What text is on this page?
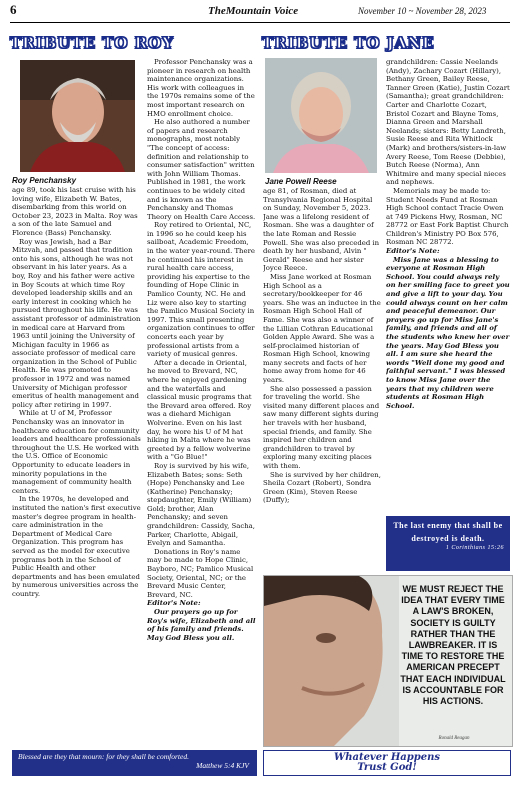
6	TheMountain Voice	November 10 ~ November 28, 2023
TRIBUTE TO ROY
Roy Penchansky

age 89, took his last cruise with his loving wife, Elizabeth W. Bates, disembarking from this world on October 23, 2023 in Malta. Roy was a son of the late Samuel and Florence (Bass) Penchansky.

Roy was Jewish, had a Bar Mitzvah, and passed that tradition onto his sons, although he was not observant in his later years. As a boy, Roy and his father were active in Boy Scouts at which time Roy developed leadership skills and an early interest in cooking which he pursued throughout his life. He was assistant professor of administration in medical care at Harvard from 1963 until joining the University of Michigan faculty in 1966 as associate professor of medical care organization in the School of Public Health. He was promoted to professor in 1972 and was named University of Michigan professor emeritus of health management and policy after retiring in 1997.

While at U of M, Professor Penchansky was an innovator in healthcare education for community leaders and healthcare professionals throughout the U.S. He worked with the U.S. Office of Economic Opportunity to educate leaders in minority populations in the management of community health centers.

In the 1970s, he developed and instituted the nation's first executive master's degree program in health-care administration in the Department of Medical Care Organization. This program has served as the model for executive programs both in the School of Public Health and other departments and has been emulated by numerous universities across the country.

Professor Penchansky was a pioneer in research on health maintenance organizations. His work with colleagues in the 1970s remains some of the most important research on HMO enrollment choice.

He also authored a number of papers and research monographs, most notably "The concept of access: definition and relationship to consumer satisfaction" written with John William Thomas. Published in 1981, the work continues to be widely cited and is known as the Penchansky and Thomas Theory on Health Care Access.

Roy retired to Oriental, NC, in 1996 so he could keep his sailboat, Academic Freedom, in the water year-round. There he continued his interest in rural health care access, providing his expertise to the founding of Hope Clinic in Pamlico County, NC. He and Liz were also key to starting the Pamlico Musical Society in 1997. This small presenting organization continues to offer concerts each year by professional artists from a variety of musical genres.

After a decade in Oriental, he moved to Brevard, NC, where he enjoyed gardening and the waterfalls and classical music programs that the Brevard area offered. Roy was a diehard Michigan Wolverine. Even on his last day, he wore his U of M hat hiking in Malta where he was greeted by a fellow wolverine with a "Go Blue!"

Roy is survived by his wife, Elizabeth Bates; sons: Seth (Hope) Penchansky and Lee (Katherine) Penchansky; stepdaughter, Emily (William) Gold; brother, Alan Penchansky; and seven grandchildren: Cassidy, Sacha, Parker, Charlotte, Abigail, Evelyn and Samantha.

Donations in Roy's name may be made to Hope Clinic, Bayboro, NC; Pamlico Musical Society, Oriental, NC; or the Brevard Music Center, Brevard, NC.

Editor's Note:

Our prayers go up for Roy's wife, Elizabeth and all of his family and friends. May God Bless you all.

TRIBUTE TO JANE
Jane Powell Reese

age 81, of Rosman, died at Transylvania Regional Hospital on Sunday, November 5, 2023. Jane was a lifelong resident of Rosman. She was a daughter of the late Roman and Ressie Powell. She was also preceded in death by her husband, Alvin " Gerald" Reese and her sister Joyce Reece.

Miss Jane worked at Rosman High School as a secretary/bookkeeper for 46 years. She was an inductee in the Rosman High School Hall of Fame. She was also a winner of the Lillian Cothran Educational Golden Apple Award. She was a self-proclaimed historian of Rosman High School, knowing many secrets and facts of her home away from home for 46 years.

She also possessed a passion for traveling the world. She visited many different places and saw many different sights during her travels with her husband, special friends, and family. She inspired her children and grandchildren to travel by exploring many exciting places with them.

She is survived by her children, Sheila Cozart (Robert), Sondra Green (Kim), Steven Reese (Duffy);

grandchildren: Cassie Neelands (Andy), Zachary Cozart (Hillary), Bethany Green, Bailey Reese, Tanner Green (Katie), Justin Cozart (Samantha); great grandchildren: Carter and Charlotte Cozart, Bristol Cozart and Blayne Toms, Dianna Green and Marshall Neelands; sisters: Betty Landreth, Susie Reese and Rita Whitlock (Mark) and brothers/sisters-in-law Avery Reese, Tom Reese (Debbie), Butch Reese (Norma), Ann Whitmire and many special nieces and nephews.

Memorials may be made to: Student Needs Fund at Rosman High School contact Tracie Owen at 749 Pickens Hwy, Rosman, NC 28772 or East Fork Baptist Church Children's Ministry PO Box 576, Rosman NC 28772.

Editor's Note:

Miss Jane was a blessing to everyone at Rosman High School. You could always rely on her smiling face to greet you and give a lift to your day. You could always count on her calm and peaceful demeanor. Our prayers go up for Miss Jane's family, and friends and all of the students who knew her over the years. May God Bless you all. I am sure she heard the words "Well done my good and faithful servant." I was blessed to know Miss Jane over the years that my children were students at Rosman High School.

The last enemy that shall be destroyed is death.
1 Corinthians 15:26
WE MUST REJECT THE IDEA THAT EVERY TIME A LAW'S BROKEN, SOCIETY IS GUILTY RATHER THAN THE LAWBREAKER. IT IS TIME TO RESTORE THE AMERICAN PRECEPT THAT EACH INDIVIDUAL IS ACCOUNTABLE FOR HIS ACTIONS.
Ronald Reagan
Blessed are they that mourn: for they shall be comforted.
Matthew 5:4 KJV
Whatever Happens
Trust God!
